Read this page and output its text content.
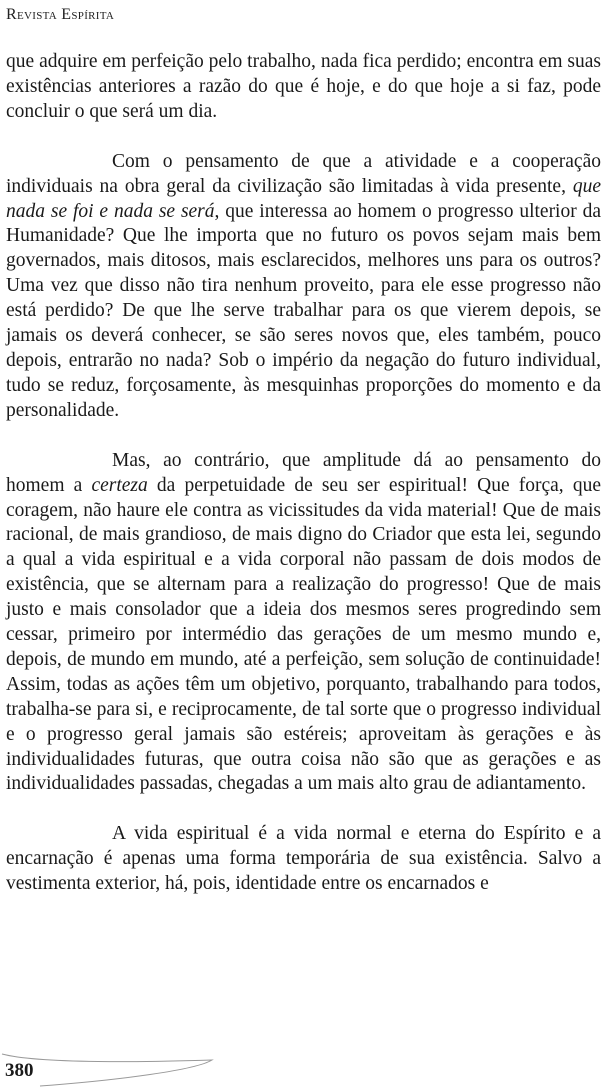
Revista Espírita

que adquire em perfeição pelo trabalho, nada fica perdido; encontra em suas existências anteriores a razão do que é hoje, e do que hoje a si faz, pode concluir o que será um dia.

Com o pensamento de que a atividade e a cooperação individuais na obra geral da civilização são limitadas à vida presente, que nada se foi e nada se será, que interessa ao homem o progresso ulterior da Humanidade? Que lhe importa que no futuro os povos sejam mais bem governados, mais ditosos, mais esclarecidos, melhores uns para os outros? Uma vez que disso não tira nenhum proveito, para ele esse progresso não está perdido? De que lhe serve trabalhar para os que vierem depois, se jamais os deverá conhecer, se são seres novos que, eles também, pouco depois, entrarão no nada? Sob o império da negação do futuro individual, tudo se reduz, forçosamente, às mesquinhas proporções do momento e da personalidade.

Mas, ao contrário, que amplitude dá ao pensamento do homem a certeza da perpetuidade de seu ser espiritual! Que força, que coragem, não haure ele contra as vicissitudes da vida material! Que de mais racional, de mais grandioso, de mais digno do Criador que esta lei, segundo a qual a vida espiritual e a vida corporal não passam de dois modos de existência, que se alternam para a realização do progresso! Que de mais justo e mais consolador que a ideia dos mesmos seres progredindo sem cessar, primeiro por intermédio das gerações de um mesmo mundo e, depois, de mundo em mundo, até a perfeição, sem solução de continuidade! Assim, todas as ações têm um objetivo, porquanto, trabalhando para todos, trabalha-se para si, e reciprocamente, de tal sorte que o progresso individual e o progresso geral jamais são estéreis; aproveitam às gerações e às individualidades futuras, que outra coisa não são que as gerações e as individualidades passadas, chegadas a um mais alto grau de adiantamento.

A vida espiritual é a vida normal e eterna do Espírito e a encarnação é apenas uma forma temporária de sua existência. Salvo a vestimenta exterior, há, pois, identidade entre os encarnados e

380
